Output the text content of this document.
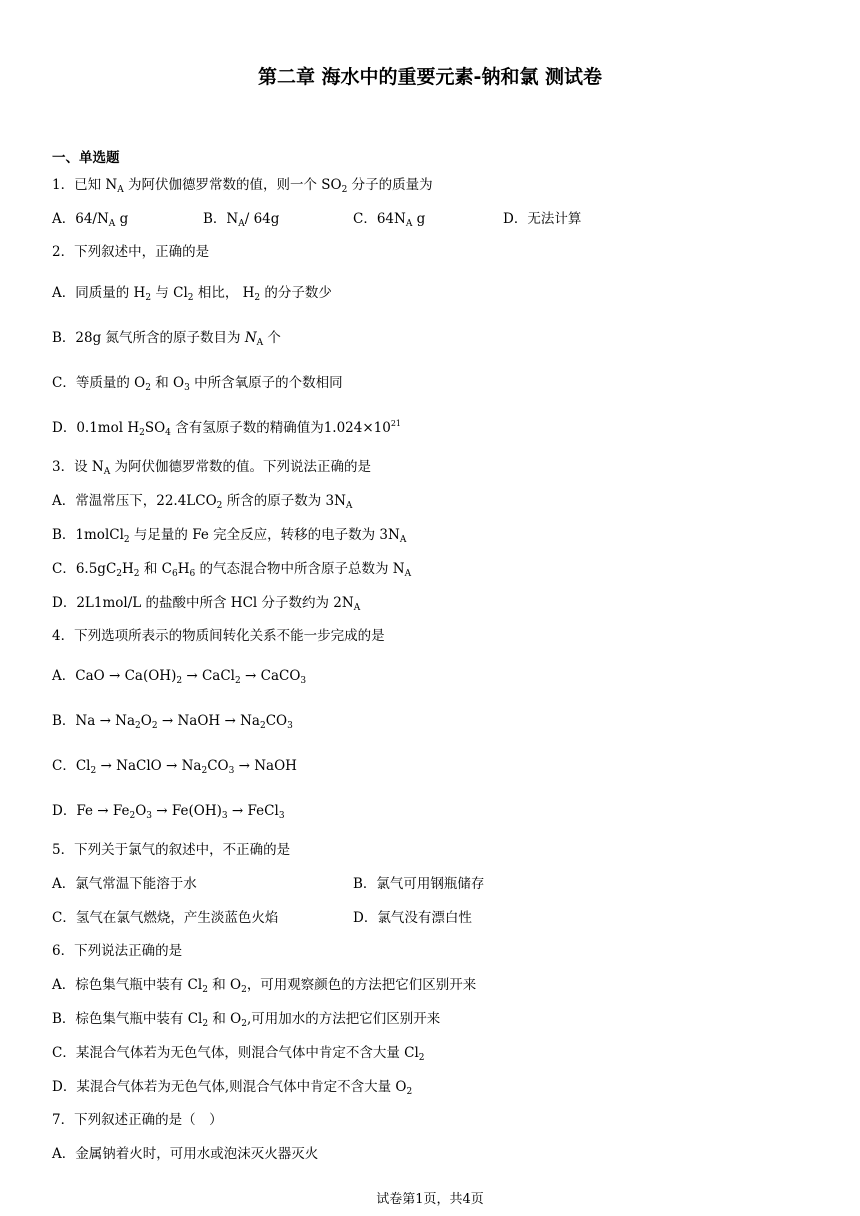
第二章 海水中的重要元素-钠和氯 测试卷
一、单选题
1．已知 $N_A$ 为阿伏伽德罗常数的值，则一个 $SO_2$ 分子的质量为
A．$64/N_A$ g	B．$N_A/$ 64g	C．$64N_A$ g	D．无法计算
2．下列叙述中，正确的是
A．同质量的 $H_2$ 与 $Cl_2$ 相比， $H_2$ 的分子数少
B．28g 氮气所含的原子数目为 $N_A$ 个
C．等质量的 $O_2$ 和 $O_3$ 中所含氧原子的个数相同
D．0.1mol $H_2SO_4$ 含有氢原子数的精确值为$1.024\times 10^{21}$
3．设 $N_A$ 为阿伏伽德罗常数的值。下列说法正确的是
A．常温常压下，$22.4LCO_2$ 所含的原子数为 $3N_A$
B．1molCl$_2$ 与足量的 Fe 完全反应，转移的电子数为 $3N_A$
C．$6.5gC_2H_2$ 和 $C_6H_6$ 的气态混合物中所含原子总数为 $N_A$
D．2L1mol/L 的盐酸中所含 HCl 分子数约为 $2N_A$
4．下列选项所表示的物质间转化关系不能一步完成的是
A．CaO → $Ca(OH)_2$ → CaCl$_2$ → CaCO$_3$
B．$Na \to Na_2O_2$ → NaOH → $Na_2CO_3$
C．$Cl_2$ → NaClO → $Na_2CO_3$ → NaOH
D．$Fe \to Fe_2O_3 \to Fe(OH)_3$ → FeCl$_3$
5．下列关于氯气的叙述中，不正确的是
A．氯气常温下能溶于水	B．氯气可用钢瓶储存
C．氢气在氯气燃烧，产生淡蓝色火焰	D．氯气没有漂白性
6．下列说法正确的是
A．棕色集气瓶中装有 $Cl_2$ 和 $O_2$，可用观察颜色的方法把它们区别开来
B．棕色集气瓶中装有 $Cl_2$ 和 $O_2$,可用加水的方法把它们区别开来
C．某混合气体若为无色气体，则混合气体中肯定不含大量 $Cl_2$
D．某混合气体若为无色气体,则混合气体中肯定不含大量 $O_2$
7．下列叙述正确的是（　）
A．金属钠着火时，可用水或泡沫灭火器灭火
试卷第1页，共4页
